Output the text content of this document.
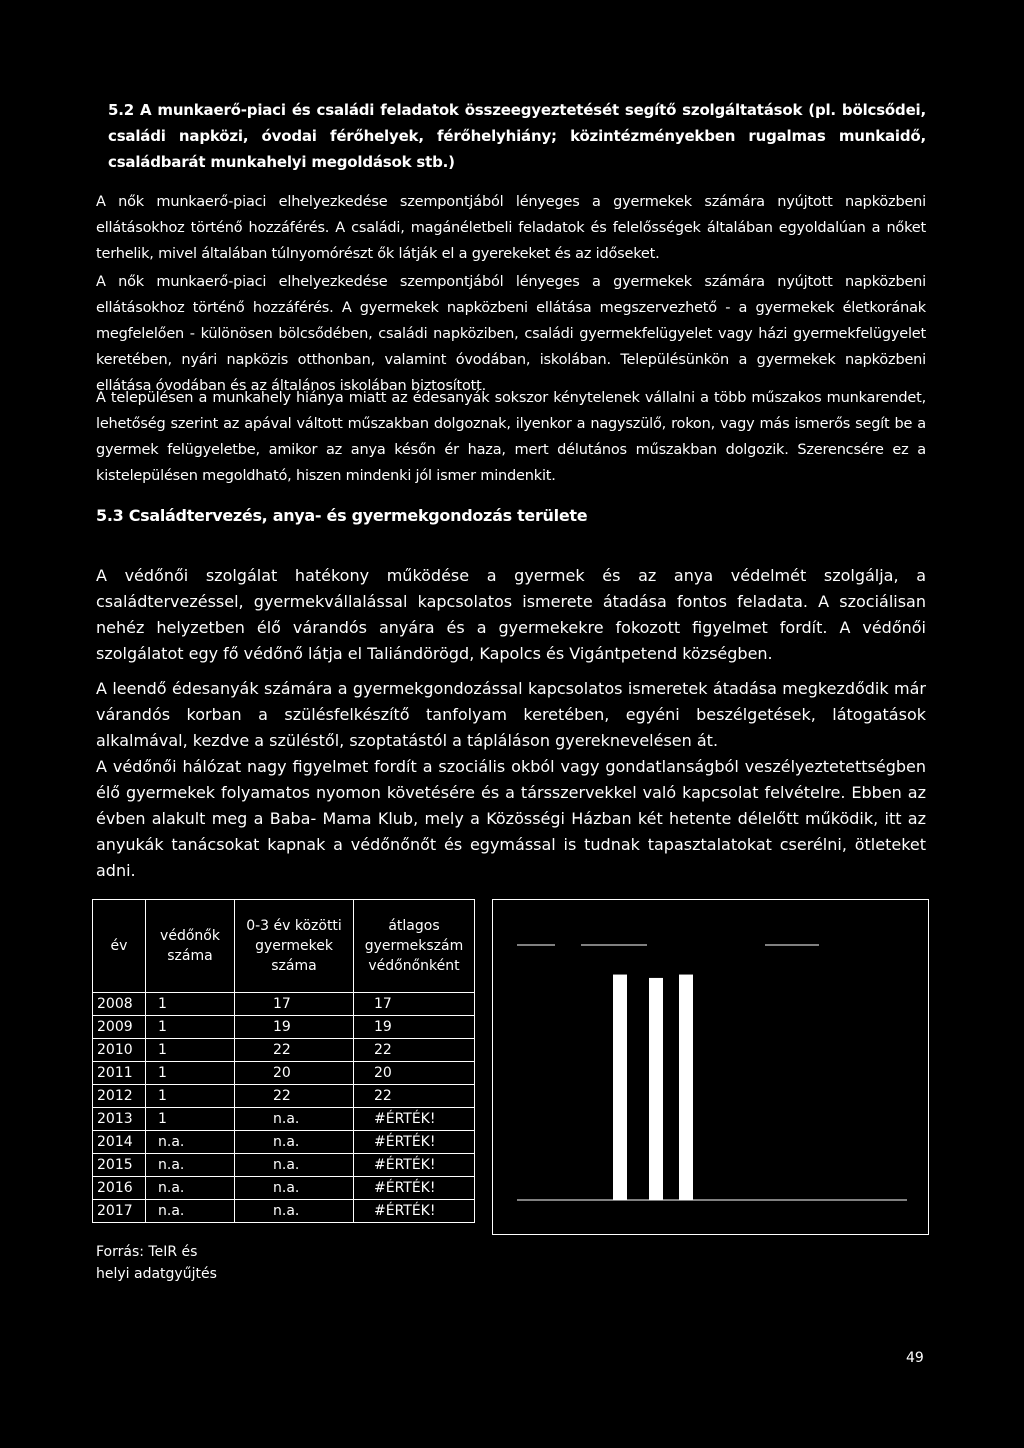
5.2 A munkaerő-piaci és családi feladatok összeegyeztetését segítő szolgáltatások (pl. bölcsődei, családi napközi, óvodai férőhelyek, férőhelyhiány; közintézményekben rugalmas munkaidő, családbarát munkahelyi megoldások stb.)
A nők munkaerő-piaci elhelyezkedése szempontjából lényeges a gyermekek számára nyújtott napközbeni ellátásokhoz történő hozzáférés. A családi, magánéletbeli feladatok és felelősségek általában egyoldalúan a nőket terhelik, mivel általában túlnyomórészt ők látják el a gyerekeket és az időseket.
A nők munkaerő-piaci elhelyezkedése szempontjából lényeges a gyermekek számára nyújtott napközbeni ellátásokhoz történő hozzáférés. A gyermekek napközbeni ellátása megszervezhető - a gyermekek életkorának megfelelően - különösen bölcsődében, családi napköziben, családi gyermekfelügyelet vagy házi gyermekfelügyelet keretében, nyári napközis otthonban, valamint óvodában, iskolában. Településünkön a gyermekek napközbeni ellátása óvodában és az általános iskolában biztosított.
A településen a munkahely hiánya miatt az édesanyák sokszor kénytelenek vállalni a több műszakos munkarendet, lehetőség szerint az apával váltott műszakban dolgoznak, ilyenkor a nagyszülő, rokon, vagy más ismerős segít be a gyermek felügyeletbe, amikor az anya későn ér haza, mert délutános műszakban dolgozik. Szerencsére ez a kistelepülésen megoldható, hiszen mindenki jól ismer mindenkit.
5.3 Családtervezés, anya- és gyermekgondozás területe
A védőnői szolgálat hatékony működése a gyermek és az anya védelmét szolgálja, a családtervezéssel, gyermekvállalással kapcsolatos ismerete átadása fontos feladata. A szociálisan nehéz helyzetben élő várandós anyára és a gyermekekre fokozott figyelmet fordít. A védőnői szolgálatot egy fő védőnő látja el Taliándörögd, Kapolcs és Vigántpetend községben.
A leendő édesanyák számára a gyermekgondozással kapcsolatos ismeretek átadása megkezdődik már várandós korban a szülésfelkészítő tanfolyam keretében, egyéni beszélgetések, látogatások alkalmával, kezdve a szüléstől, szoptatástól a tápláláson gyereknevelésen át.
A védőnői hálózat nagy figyelmet fordít a szociális okból vagy gondatlanságból veszélyeztetettségben élő gyermekek folyamatos nyomon követésére és a társszervekkel való kapcsolat felvételre. Ebben az évben alakult meg a Baba- Mama Klub, mely a Közösségi Házban két hetente délelőtt működik, itt az anyukák tanácsokat kapnak a védőnőnőt és egymással is tudnak tapasztalatokat cserélni, ötleteket adni.
év	védőnők száma	0-3 év közötti gyermekek száma	átlagos gyermekszám védőnőnként
2008	1	17	17
2009	1	19	19
2010	1	22	22
2011	1	20	20
2012	1	22	22
2013	1	n.a.	#ÉRTÉK!
2014	n.a.	n.a.	#ÉRTÉK!
2015	n.a.	n.a.	#ÉRTÉK!
2016	n.a.	n.a.	#ÉRTÉK!
2017	n.a.	n.a.	#ÉRTÉK!
Forrás: TeIR és
helyi adatgyűjtés
49
